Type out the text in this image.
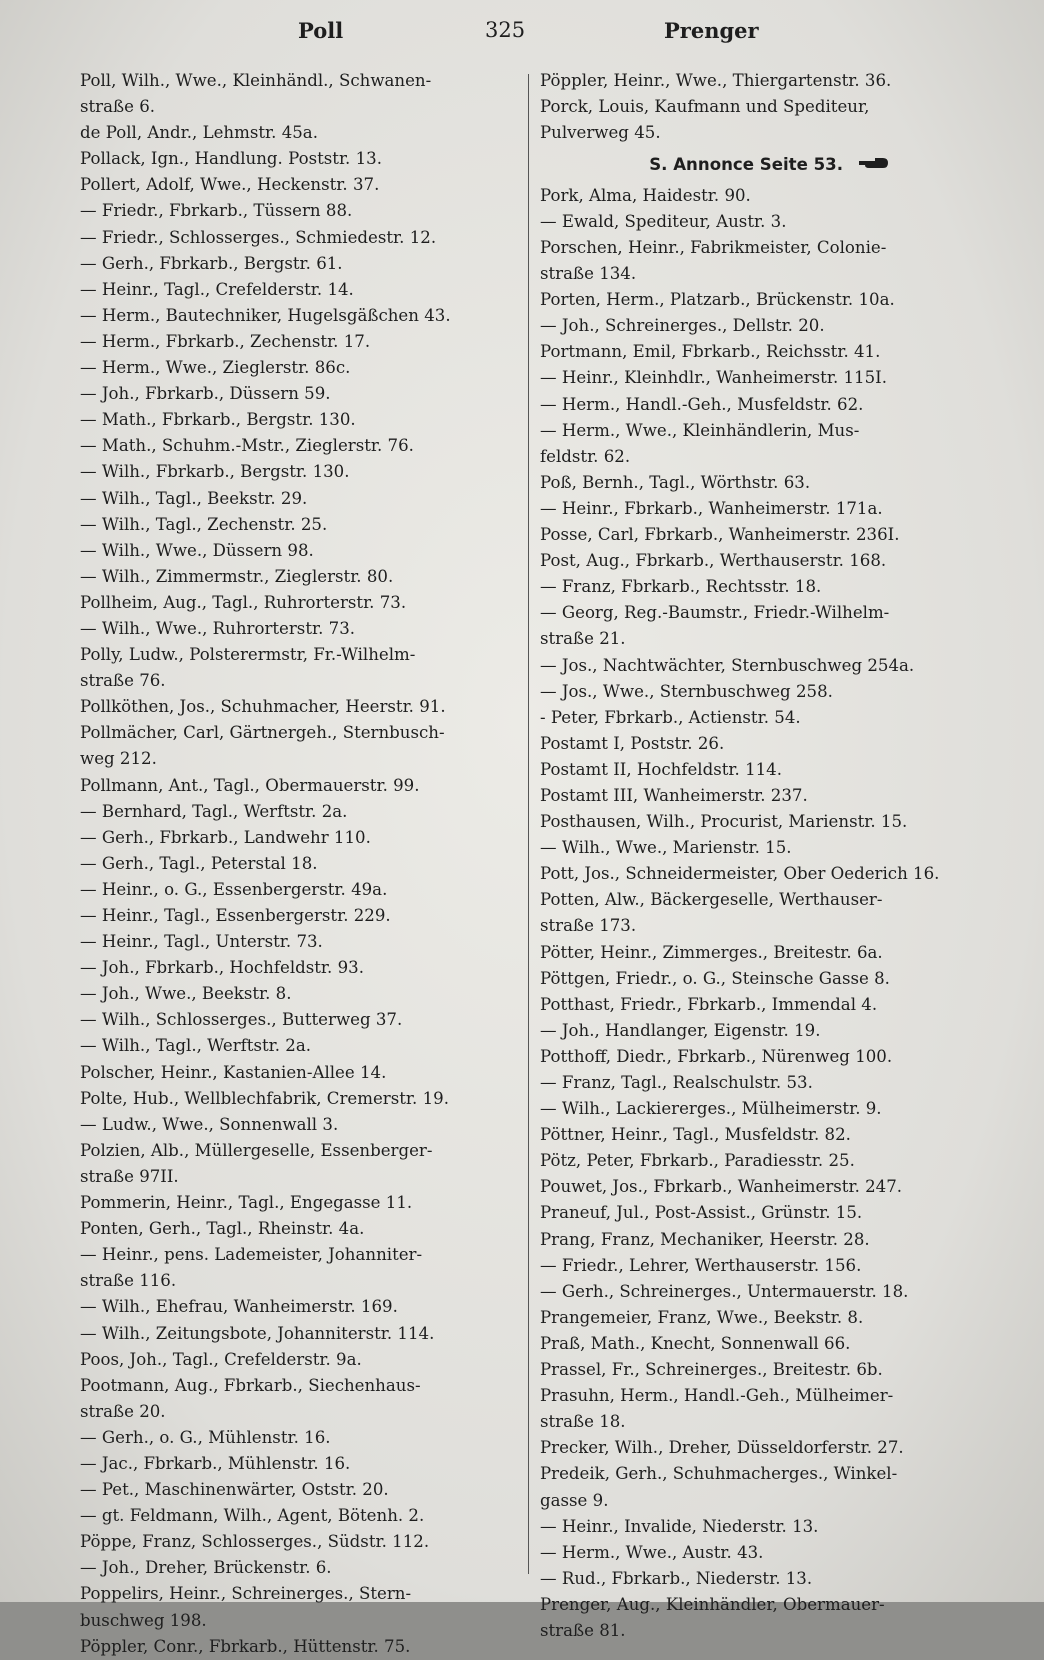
Poll	325	Prenger
Poll, Wilh., Wwe., Kleinhändl., Schwanen-
straße 6.
de Poll, Andr., Lehmstr. 45a.
Pollack, Ign., Handlung. Poststr. 13.
Pollert, Adolf, Wwe., Heckenstr. 37.
— Friedr., Fbrkarb., Tüssern 88.
— Friedr., Schlosserges., Schmiedestr. 12.
— Gerh., Fbrkarb., Bergstr. 61.
— Heinr., Tagl., Crefelderstr. 14.
— Herm., Bautechniker, Hugelsgäßchen 43.
— Herm., Fbrkarb., Zechenstr. 17.
— Herm., Wwe., Zieglerstr. 86c.
— Joh., Fbrkarb., Düssern 59.
— Math., Fbrkarb., Bergstr. 130.
— Math., Schuhm.-Mstr., Zieglerstr. 76.
— Wilh., Fbrkarb., Bergstr. 130.
— Wilh., Tagl., Beekstr. 29.
— Wilh., Tagl., Zechenstr. 25.
— Wilh., Wwe., Düssern 98.
— Wilh., Zimmermstr., Zieglerstr. 80.
Pollheim, Aug., Tagl., Ruhrorterstr. 73.
— Wilh., Wwe., Ruhrorterstr. 73.
Polly, Ludw., Polsterermstr, Fr.-Wilhelm-
straße 76.
Pollköthen, Jos., Schuhmacher, Heerstr. 91.
Pollmächer, Carl, Gärtnergeh., Sternbusch-
weg 212.
Pollmann, Ant., Tagl., Obermauerstr. 99.
— Bernhard, Tagl., Werftstr. 2a.
— Gerh., Fbrkarb., Landwehr 110.
— Gerh., Tagl., Peterstal 18.
— Heinr., o. G., Essenbergerstr. 49a.
— Heinr., Tagl., Essenbergerstr. 229.
— Heinr., Tagl., Unterstr. 73.
— Joh., Fbrkarb., Hochfeldstr. 93.
— Joh., Wwe., Beekstr. 8.
— Wilh., Schlosserges., Butterweg 37.
— Wilh., Tagl., Werftstr. 2a.
Polscher, Heinr., Kastanien-Allee 14.
Polte, Hub., Wellblechfabrik, Cremerstr. 19.
— Ludw., Wwe., Sonnenwall 3.
Polzien, Alb., Müllergeselle, Essenberger-
straße 97II.
Pommerin, Heinr., Tagl., Engegasse 11.
Ponten, Gerh., Tagl., Rheinstr. 4a.
— Heinr., pens. Lademeister, Johanniter-
straße 116.
— Wilh., Ehefrau, Wanheimerstr. 169.
— Wilh., Zeitungsbote, Johanniterstr. 114.
Poos, Joh., Tagl., Crefelderstr. 9a.
Pootmann, Aug., Fbrkarb., Siechenhaus-
straße 20.
— Gerh., o. G., Mühlenstr. 16.
— Jac., Fbrkarb., Mühlenstr. 16.
— Pet., Maschinenwärter, Oststr. 20.
— gt. Feldmann, Wilh., Agent, Bötenh. 2.
Pöppe, Franz, Schlosserges., Südstr. 112.
— Joh., Dreher, Brückenstr. 6.
Poppelirs, Heinr., Schreinerges., Stern-
buschweg 198.
Pöppler, Conr., Fbrkarb., Hüttenstr. 75.
Pöppler, Heinr., Wwe., Thiergartenstr. 36.
Porck, Louis, Kaufmann und Spediteur,
Pulverweg 45.
S. Annonce Seite 53.
Pork, Alma, Haidestr. 90.
— Ewald, Spediteur, Austr. 3.
Porschen, Heinr., Fabrikmeister, Colonie-
straße 134.
Porten, Herm., Platzarb., Brückenstr. 10a.
— Joh., Schreinerges., Dellstr. 20.
Portmann, Emil, Fbrkarb., Reichsstr. 41.
— Heinr., Kleinhdlr., Wanheimerstr. 115I.
— Herm., Handl.-Geh., Musfeldstr. 62.
— Herm., Wwe., Kleinhändlerin, Mus-
feldstr. 62.
Poß, Bernh., Tagl., Wörthstr. 63.
— Heinr., Fbrkarb., Wanheimerstr. 171a.
Posse, Carl, Fbrkarb., Wanheimerstr. 236I.
Post, Aug., Fbrkarb., Werthauserstr. 168.
— Franz, Fbrkarb., Rechtsstr. 18.
— Georg, Reg.-Baumstr., Friedr.-Wilhelm-
straße 21.
— Jos., Nachtwächter, Sternbuschweg 254a.
— Jos., Wwe., Sternbuschweg 258.
- Peter, Fbrkarb., Actienstr. 54.
Postamt I, Poststr. 26.
Postamt II, Hochfeldstr. 114.
Postamt III, Wanheimerstr. 237.
Posthausen, Wilh., Procurist, Marienstr. 15.
— Wilh., Wwe., Marienstr. 15.
Pott, Jos., Schneidermeister, Ober Oederich 16.
Potten, Alw., Bäckergeselle, Werthauser-
straße 173.
Pötter, Heinr., Zimmerges., Breitestr. 6a.
Pöttgen, Friedr., o. G., Steinsche Gasse 8.
Potthast, Friedr., Fbrkarb., Immendal 4.
— Joh., Handlanger, Eigenstr. 19.
Potthoff, Diedr., Fbrkarb., Nürenweg 100.
— Franz, Tagl., Realschulstr. 53.
— Wilh., Lackiererges., Mülheimerstr. 9.
Pöttner, Heinr., Tagl., Musfeldstr. 82.
Pötz, Peter, Fbrkarb., Paradiesstr. 25.
Pouwet, Jos., Fbrkarb., Wanheimerstr. 247.
Praneuf, Jul., Post-Assist., Grünstr. 15.
Prang, Franz, Mechaniker, Heerstr. 28.
— Friedr., Lehrer, Werthauserstr. 156.
— Gerh., Schreinerges., Untermauerstr. 18.
Prangemeier, Franz, Wwe., Beekstr. 8.
Praß, Math., Knecht, Sonnenwall 66.
Prassel, Fr., Schreinerges., Breitestr. 6b.
Prasuhn, Herm., Handl.-Geh., Mülheimer-
straße 18.
Precker, Wilh., Dreher, Düsseldorferstr. 27.
Predeik, Gerh., Schuhmacherges., Winkel-
gasse 9.
— Heinr., Invalide, Niederstr. 13.
— Herm., Wwe., Austr. 43.
— Rud., Fbrkarb., Niederstr. 13.
Prenger, Aug., Kleinhändler, Obermauer-
straße 81.
